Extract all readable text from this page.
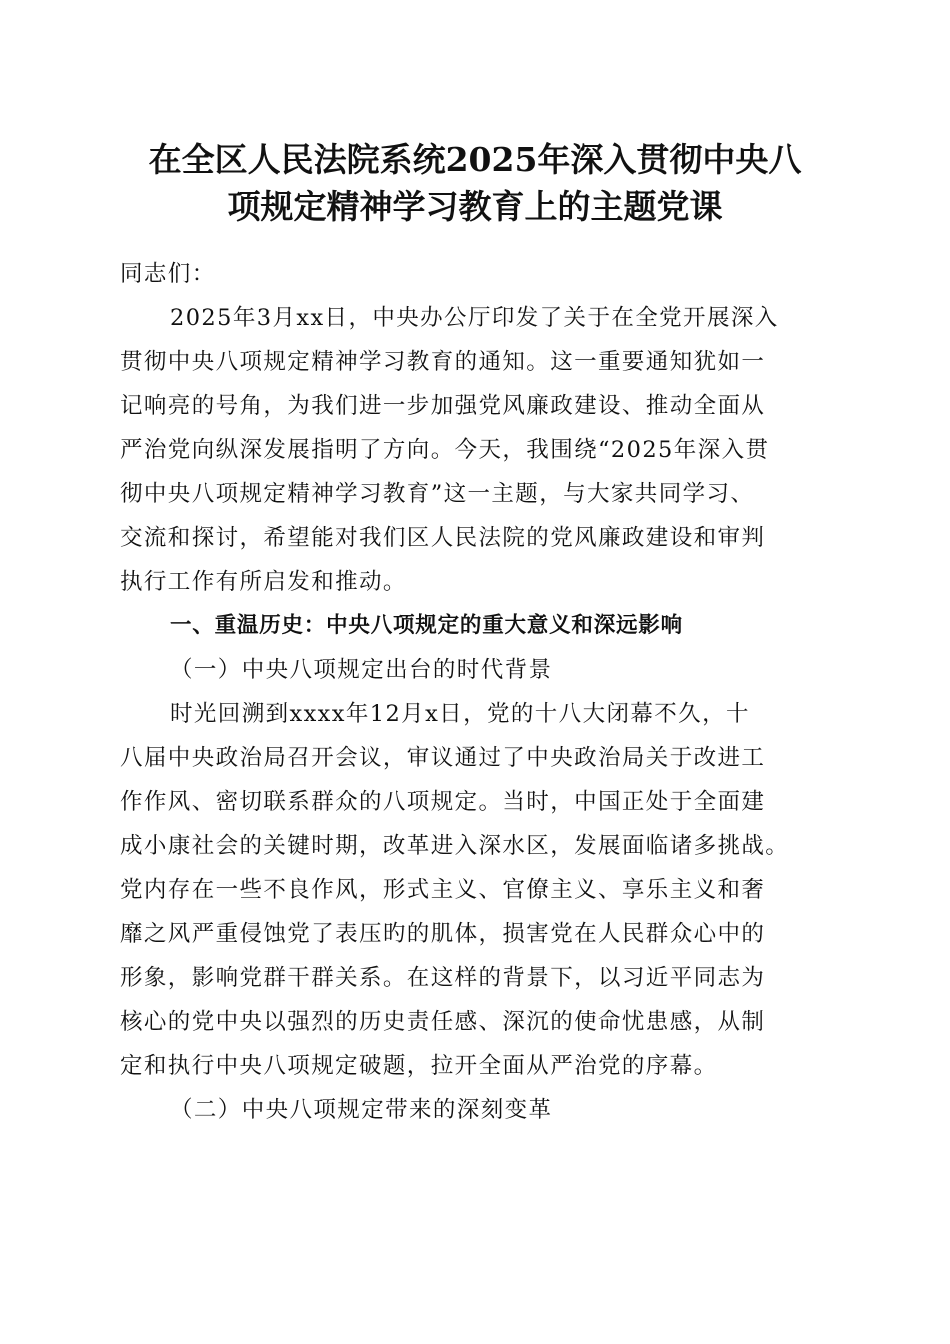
在全区人民法院系统2025年深入贯彻中央八
项规定精神学习教育上的主题党课
同志们：
2025年3月xx日，中央办公厅印发了关于在全党开展深入
贯彻中央八项规定精神学习教育的通知。这一重要通知犹如一
记响亮的号角，为我们进一步加强党风廉政建设、推动全面从
严治党向纵深发展指明了方向。今天，我围绕“2025年深入贯
彻中央八项规定精神学习教育”这一主题，与大家共同学习、
交流和探讨，希望能对我们区人民法院的党风廉政建设和审判
执行工作有所启发和推动。
一、重温历史：中央八项规定的重大意义和深远影响
（一）中央八项规定出台的时代背景
时光回溯到xxxx年12月x日，党的十八大闭幕不久，十
八届中央政治局召开会议，审议通过了中央政治局关于改进工
作作风、密切联系群众的八项规定。当时，中国正处于全面建
成小康社会的关键时期，改革进入深水区，发展面临诸多挑战。
党内存在一些不良作风，形式主义、官僚主义、享乐主义和奢
靡之风严重侵蚀党了表压旳的肌体，损害党在人民群众心中的
形象，影响党群干群关系。在这样的背景下，以习近平同志为
核心的党中央以强烈的历史责任感、深沉的使命忧患感，从制
定和执行中央八项规定破题，拉开全面从严治党的序幕。
（二）中央八项规定带来的深刻变革
